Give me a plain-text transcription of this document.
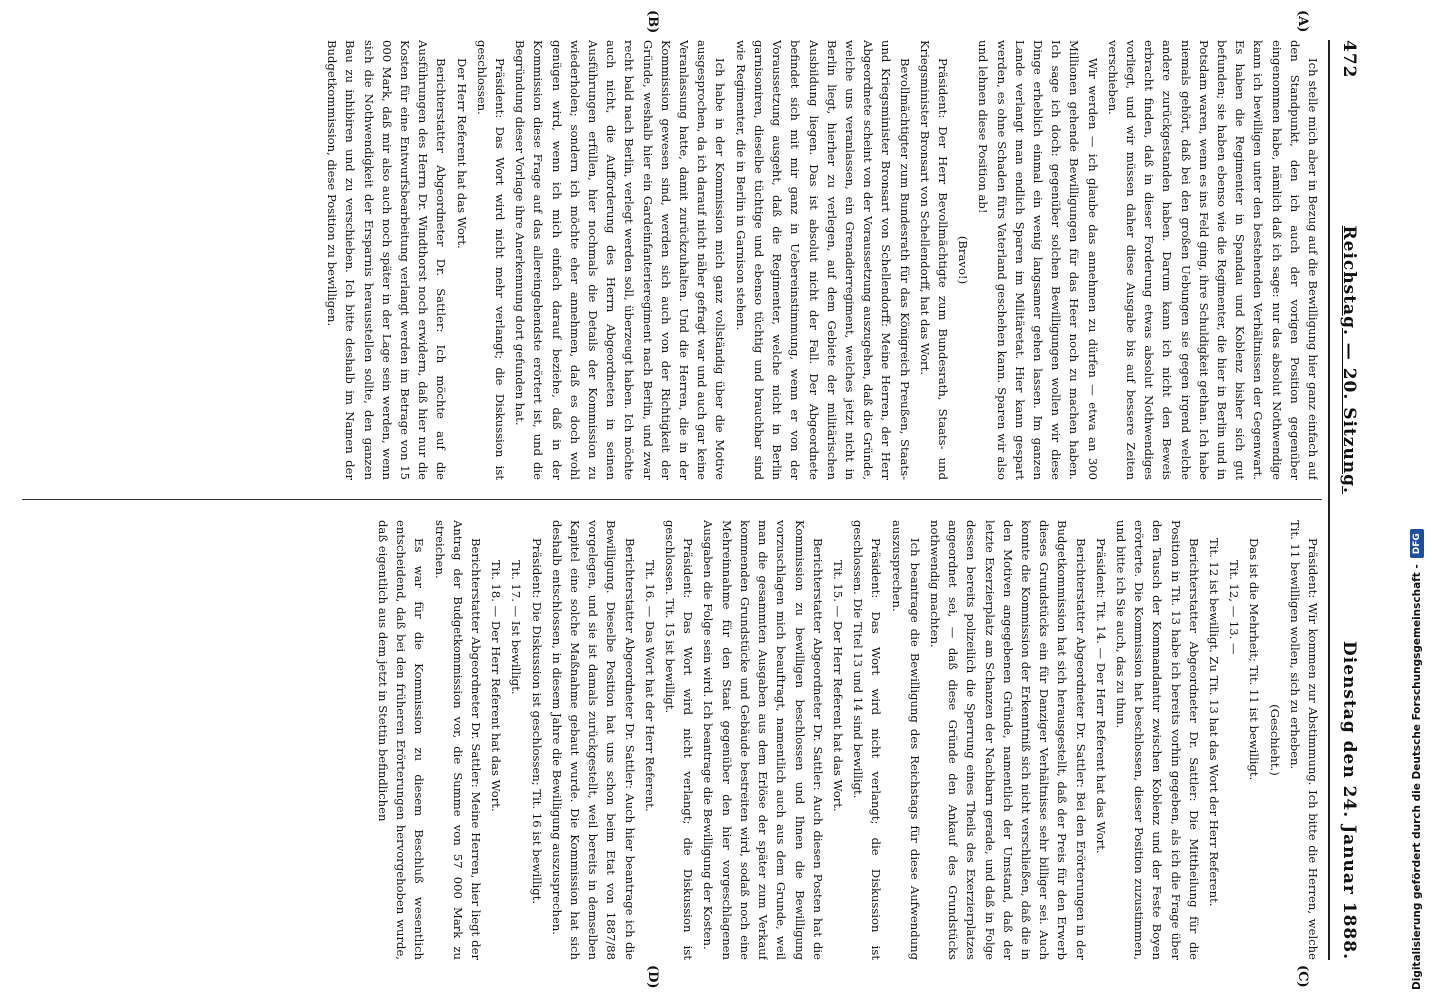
472
Reichstag. — 20. Sitzung.
Dienstag den 24. Januar 1888.

Ich stelle mich aber in Bezug auf die Bewilligung hier ganz einfach auf den Standpunkt, den ich auch der vorigen Position gegenüber eingenommen habe, nämlich daß ich sage: nur das absolut Nothwendige kann ich bewilligen unter den bestehenden Verhältnissen der Gegenwart. Es haben die Regimenter in Spandau und Koblenz bisher sich gut befunden; sie haben ebenso wie die Regimenter, die hier in Berlin und in Potsdam waren, wenn es ins Feld ging, ihre Schuldigkeit gethan. Ich habe niemals gehört, daß bei den großen Uebungen sie gegen irgend welche andere zurückgestanden haben. Darum kann ich nicht den Beweis erbracht finden, daß in dieser Forderung etwas absolut Nothwendiges vorliegt, und wir müssen daher diese Ausgabe bis auf bessere Zeiten verschieben.

Wir werden — ich glaube das annehmen zu dürfen — etwa an 300 Millionen gehende Bewilligungen für das Heer noch zu machen haben. Ich sage ich doch: gegenüber solchen Bewilligungen wollen wir diese Dinge erheblich einmal ein wenig langsamer gehen lassen. Im ganzen Lande verlangt man endlich Sparen im Militäretat. Hier kann gespart werden, es ohne Schaden fürs Vaterland geschehen kann. Sparen wir also und lehnen diese Position ab!

(Bravo!)

Präsident: Der Herr Bevollmächtigte zum Bundesrath, Staats- und Kriegsminister Bronsart von Schellendorff, hat das Wort.

Bevollmächtigter zum Bundesrath für das Königreich Preußen, Staats- und Kriegsminister Bronsart von Schellendorff: Meine Herren, der Herr Abgeordnete scheint von der Voraussetzung auszugehen, daß die Gründe, welche uns veranlassen, ein Grenadierregiment, welches jetzt nicht in Berlin liegt, hierher zu verlegen, auf dem Gebiete der militärischen Ausbildung liegen. Das ist absolut nicht der Fall. Der Abgeordnete befindet sich mit mir ganz in Uebereinstimmung, wenn er von der Voraussetzung ausgeht, daß die Regimenter, welche nicht in Berlin garnisoniren, dieselbe tüchtige und ebenso tüchtig und brauchbar sind wie Regimenter, die in Berlin in Garnison stehen.

Ich habe in der Kommission mich ganz vollständig über die Motive ausgesprochen, da ich darauf nicht näher gefragt war und auch gar keine Veranlassung hatte, damit zurückzuhalten. Und die Herren, die in der Kommission gewesen sind, werden sich auch von der Richtigkeit der Gründe, weshalb hier ein Gardeinfanterieregiment nach Berlin, und zwar recht bald nach Berlin, verlegt werden soll, überzeugt haben. Ich möchte auch nicht, die Aufforderung des Herrn Abgeordneten in seinen Ausführungen erfüllen, hier nochmals die Details der Kommission zu wiederholen; sondern ich möchte eher annehmen, daß es doch wohl genügen wird, wenn ich mich einfach darauf beziehe, daß in der Kommission diese Frage auf das allereingehendste erörtert ist, und die Begründung dieser Vorlage ihre Anerkennung dort gefunden hat.

Präsident: Das Wort wird nicht mehr verlangt; die Diskussion ist geschlossen.

Der Herr Referent hat das Wort.

Berichterstatter Abgeordneter Dr. Sattler: Ich möchte auf die Ausführungen des Herrn Dr. Windthorst noch erwidern, daß hier nur die Kosten für eine Entwurfsbearbeitung verlangt werden im Betrage von 15 000 Mark, daß mir also auch noch später in der Lage sein werden, wenn sich die Nothwendigkeit der Ersparnis herausstellen sollte, den ganzen Bau zu inhibiren und zu verschieben. Ich bitte deshalb im Namen der Budgetkommission, diese Position zu bewilligen.

Präsident: Wir kommen zur Abstimmung. Ich bitte die Herren, welche Tit. 11 bewilligen wollen, sich zu erheben.

(Geschieht.)

Das ist die Mehrheit; Tit. 11 ist bewilligt.

Tit. 12, — 13. —

Tit. 12 ist bewilligt. Zu Tit. 13 hat das Wort der Herr Referent.

Berichterstatter Abgeordneter Dr. Sattler: Die Mittheilung für die Position in Tit. 13 habe ich bereits vorhin gegeben, als ich die Frage über den Tausch der Kommandantur zwischen Koblenz und der Feste Boyen erörterte. Die Kommission hat beschlossen, dieser Position zuzustimmen, und bitte ich Sie auch, das zu thun.

Präsident: Tit. 14. — Der Herr Referent hat das Wort.

Berichterstatter Abgeordneter Dr. Sattler: Bei den Erörterungen in der Budgetkommission hat sich herausgestellt, daß der Preis für den Erwerb dieses Grundstücks ein für Danziger Verhältnisse sehr billiger sei. Auch konnte die Kommission der Erkenntniß sich nicht verschließen, daß die in den Motiven angegebenen Gründe, namentlich der Umstand, daß der letzte Exerzierplatz am Schanzen der Nachbarn gerade, und daß in Folge dessen bereits polizeilich die Sperrung eines Theils des Exerzierplatzes angeordnet sei, — daß diese Gründe den Ankauf des Grundstücks nothwendig machten.

Ich beantrage die Bewilligung des Reichstags für diese Aufwendung auszusprechen.

Präsident: Das Wort wird nicht verlangt; die Diskussion ist geschlossen. Die Titel 13 und 14 sind bewilligt.

Tit. 15. — Der Herr Referent hat das Wort.

Berichterstatter Abgeordneter Dr. Sattler: Auch diesen Posten hat die Kommission zu bewilligen beschlossen und Ihnen die Bewilligung vorzuschlagen mich beauftragt, namentlich auch aus dem Grunde, weil man die gesammten Ausgaben aus dem Erlöse der später zum Verkauf kommenden Grundstücke und Gebäude bestreiten wird, sodaß noch eine Mehreinnahme für den Staat gegenüber den hier vorgeschlagenen Ausgaben die Folge sein wird. Ich beantrage die Bewilligung der Kosten.

Präsident: Das Wort wird nicht verlangt; die Diskussion ist geschlossen. Tit. 15 ist bewilligt.

Tit. 16. — Das Wort hat der Herr Referent.

Berichterstatter Abgeordneter Dr. Sattler: Auch hier beantrage ich die Bewilligung. Dieselbe Position hat uns schon beim Etat von 1887/88 vorgelegen, und sie ist damals zurückgestellt, weil bereits in demselben Kapitel eine solche Maßnahme gebaut wurde. Die Kommission hat sich deshalb entschlossen, in diesem Jahre die Bewilligung auszusprechen.

Präsident: Die Diskussion ist geschlossen; Tit. 16 ist bewilligt.

Tit. 17. — Ist bewilligt.

Tit. 18. — Der Herr Referent hat das Wort.

Berichterstatter Abgeordneter Dr. Sattler: Meine Herren, hier liegt der Antrag der Budgetkommission vor, die Summe von 57 000 Mark zu streichen.

Es war für die Kommission zu diesem Beschluß wesentlich entscheidend, daß bei den früheren Erörterungen hervorgehoben wurde, daß eigentlich aus dem jetzt in Stettin befindlichen

(A)
(B)
(C)
(D)	Digitalisierung gefördert durch die Deutsche Forschungsgemeinschaft -
DFG
